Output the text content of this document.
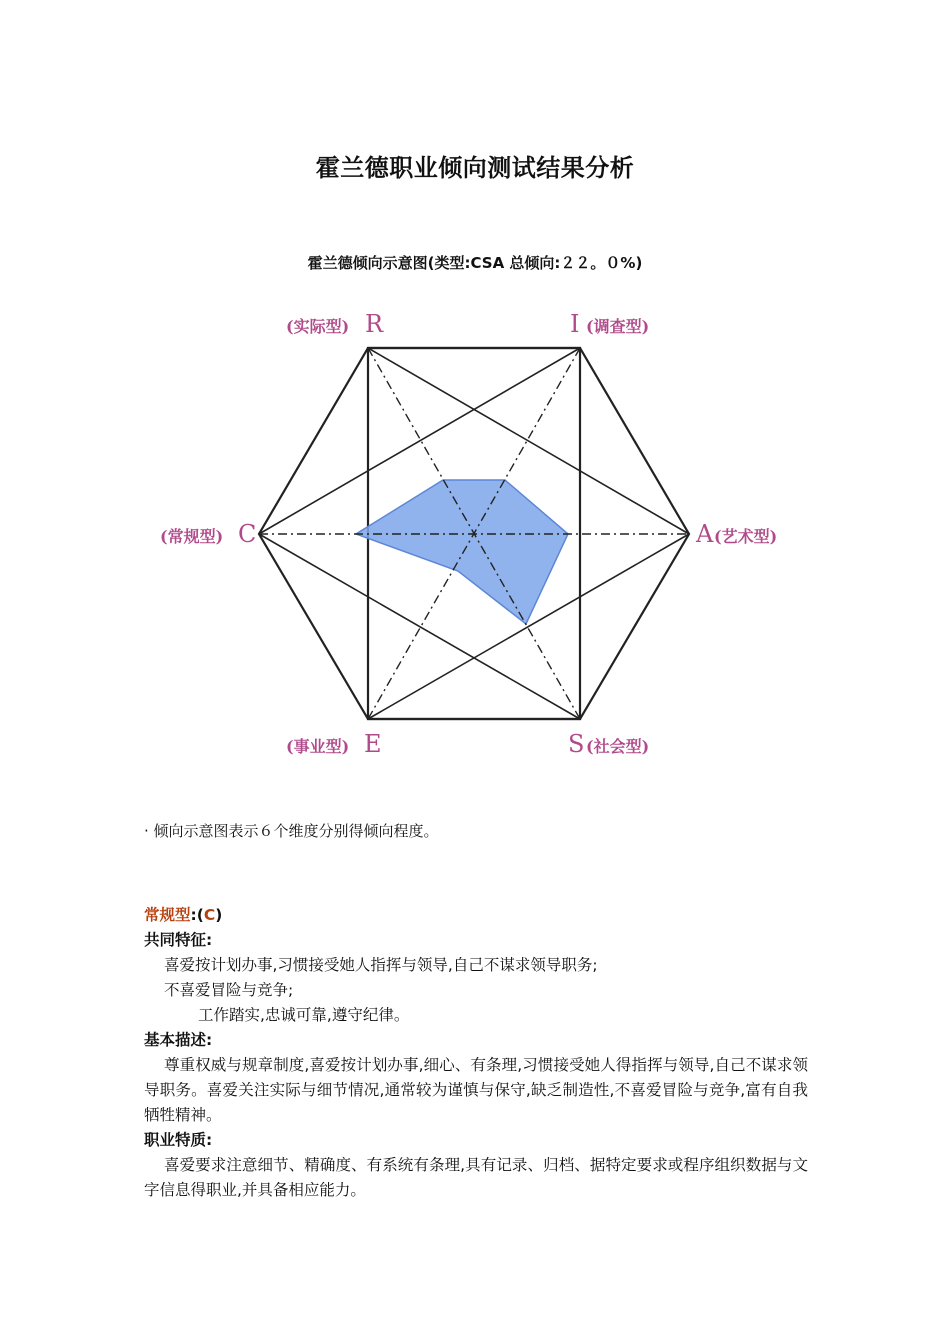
霍兰德职业倾向测试结果分析
霍兰德倾向示意图(类型:CSA 总倾向:２２。０%)
(实际型) R	I (调查型)
A (艺术型)
S (社会型)
(事业型) E
(常规型) C
· 倾向示意图表示６个维度分别得倾向程度。
常规型:(C)
共同特征:
喜爱按计划办事,习惯接受她人指挥与领导,自己不谋求领导职务;
不喜爱冒险与竞争;
工作踏实,忠诚可靠,遵守纪律。
基本描述:
尊重权威与规章制度,喜爱按计划办事,细心、有条理,习惯接受她人得指挥与领导,自己不谋求领导职务。喜爱关注实际与细节情况,通常较为谨慎与保守,缺乏制造性,不喜爱冒险与竞争,富有自我牺牲精神。
职业特质:
喜爱要求注意细节、精确度、有系统有条理,具有记录、归档、据特定要求或程序组织数据与文字信息得职业,并具备相应能力。
